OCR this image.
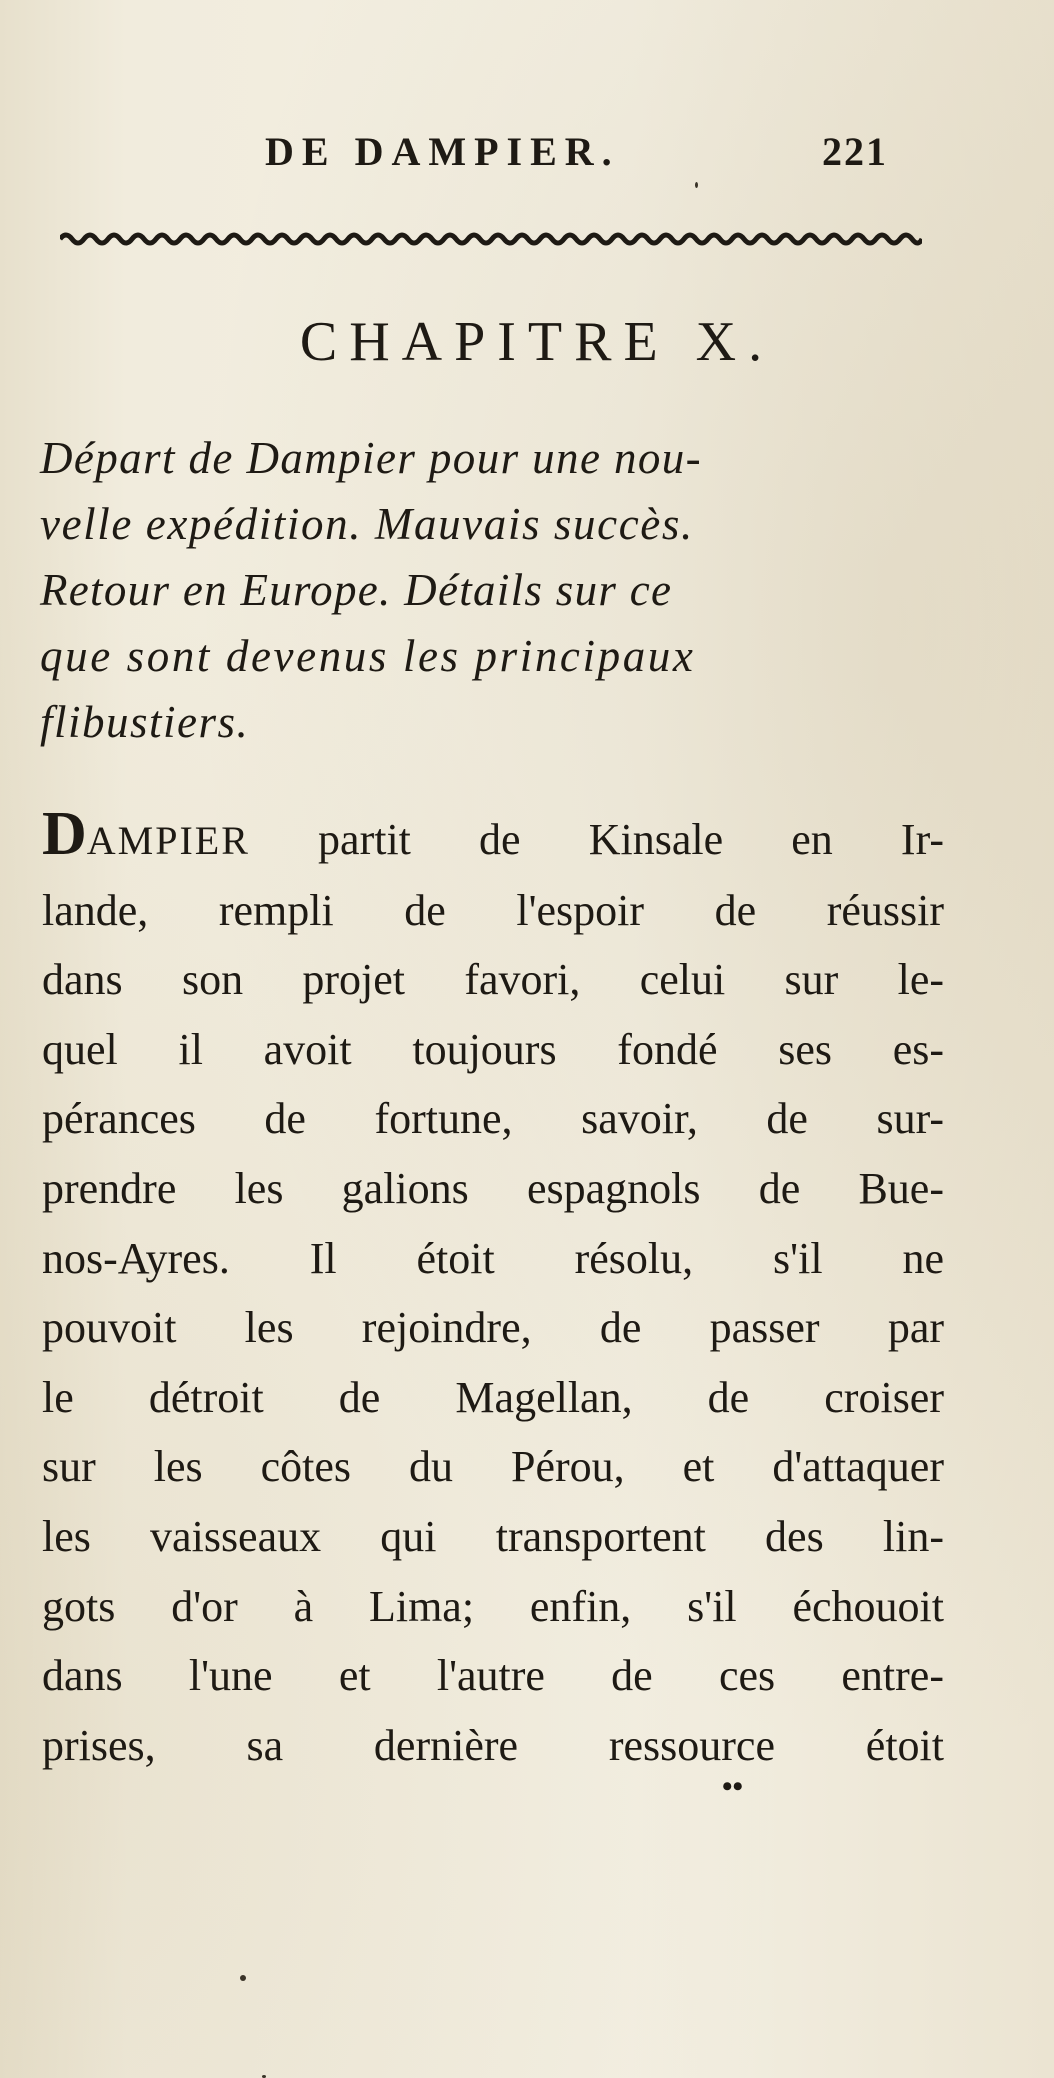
DE DAMPIER.	221
CHAPITRE X.
Départ de Dampier pour une nou-
velle expédition. Mauvais succès.
Retour en Europe. Détails sur ce
que sont devenus les principaux
flibustiers.
DAMPIER partit de Kinsale en Ir-
lande, rempli de l'espoir de réussir
dans son projet favori, celui sur le-
quel il avoit toujours fondé ses es-
pérances de fortune, savoir, de sur-
prendre les galions espagnols de Bue-
nos-Ayres. Il étoit résolu, s'il ne
pouvoit les rejoindre, de passer par
le détroit de Magellan, de croiser
sur les côtes du Pérou, et d'attaquer
les vaisseaux qui transportent des lin-
gots d'or à Lima; enfin, s'il échouoit
dans l'une et l'autre de ces entre-
prises, sa dernière ressource étoit
••
